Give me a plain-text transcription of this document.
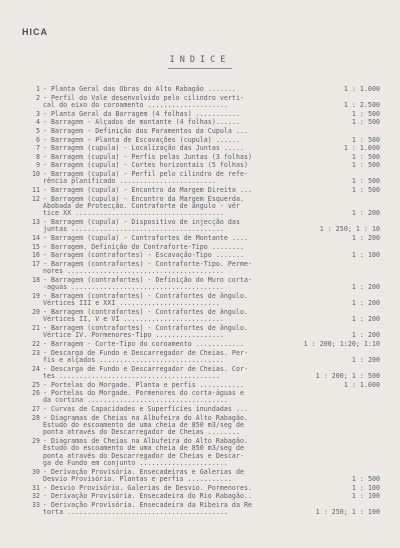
HICA
INDICE
1 - Planta Geral das Obras do Alto Rabagão .......	1 : 1.000
2 - Perfil do Vale desenvolvido pelo cilindro verti-
cal do eixo do coroamento ....................	1 : 2.500
3 - Planta Geral da Barragem (4 folhas) ...........	1 : 500
4 - Barragem - Alçados de montante (4 folhas)......	1 : 500
5 - Barragem - Definição dos Paramentos da Cupula ...
6 - Barragem - Planta de Escavações (cupula) ......	1 : 500
7 - Barragem (cupula) - Localização das Juntas .....	1 : 1.000
8 - Barragem (cupula) - Perfis pelas Juntas (3 folhas)	1 : 500
9 - Barragem (cupula) - Cortes horizontais (5 folhas)	1 : 500
10 - Barragem (cupula) - Perfil pelo cilindro de refe-
rência planificado ........................	1 : 500
11 - Barragem (cupula) - Encontro da Margem Direita ...	1 : 500
12 - Barragem (cupula) - Encontro da Margem Esquerda.
Abobada de Protecção. Contraforte de ângulo - vér
tice XX .....................................	1 : 200
13 - Barragem (cupula) - Dispositivo de injecção das
juntas ......................................	1 : 250; 1 : 10
14 - Barragem (cupula) - Contrafortes de Montante ....	1 : 200
15 - Barragem. Definição do Contraforte-Tipo ........
16 - Barragem (contrafortes) - Escavação-Tipo .......	1 : 100
17 - Barragem (contrafortes) - Contraforte-Tipo. Perme-
nores .......................................
18 - Barragem (contrafortes) - Definição do Muro corta-
-aguas ......................................	1 : 200
19 - Barragem (contrafortes) - Contrafortes de ângulo.
Vértices III e XXI .........................	1 : 200
20 - Barragem (contrafortes) - Contrafortes de ângulo.
Vértices II, V e VI .........................	1 : 200
21 - Barragem (contrafortes) - Contrafortes de ângulo.
Vértice IV. Pormenores-Tipo .................	1 : 200
22 - Barragem - Corte-Tipo do coroamento ............	1 : 200; 1:20; 1:10
23 - Descarga de Fundo e Descarregador de Cheias. Per-
fis e alçados ...............................	1 : 200
24 - Descarga de Fundo e Descarregador de Cheias. Cor-
tes ........................................	1 : 200; 1 : 500
25 - Portelas do Morgade. Planta e perfis ...........	1 : 1.000
26 - Portelas do Morgade. Pormenores do corta-águas e
da cortina ...................................
27 - Curvas de Capacidades e Superfícies inundadas ...
28 - Diagramas de Cheias na Albufeira do Alto Rabagão.
Estudo do escoamento de uma cheia de 850 m3/seg de
ponta através do Descarregador de Cheias ........
29 - Diagramas de Cheias na Albufeira do Alto Rabagão.
Estudo do escoamento de uma cheia de 850 m3/seg de
ponta através do Descarregador de Cheias e Descar-
ga de Fundo em conjunto ......................
30 - Derivação Provisória. Ensecadeiras e Galerias de
Desvio Provisório. Plantas e perfis ...........	1 : 500
31 - Desvio Provisório. Galerias de Desvio. Pormenores.	1 : 100
32 - Derivação Provisória. Ensecadeira do Rio Rabagão..	1 : 100
33 - Derivação Provisória. Ensecadeira da Ribeira da Re
torta ........................................	1 : 250; 1 : 100
